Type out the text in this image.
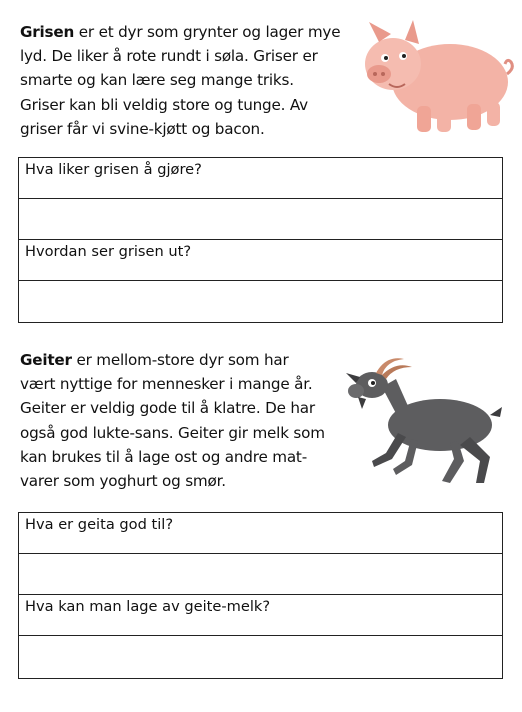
Grisen er et dyr som grynter og lager mye
lyd. De liker å rote rundt i søla. Griser er
smarte og kan lære seg mange triks.
Griser kan bli veldig store og tunge. Av
griser får vi svine-kjøtt og bacon.
Hva liker grisen å gjøre?
Hvordan ser grisen ut?
Geiter er mellom-store dyr som har
vært nyttige for mennesker i mange år.
Geiter er veldig gode til å klatre. De har
også god lukte-sans. Geiter gir melk som
kan brukes til å lage ost og andre mat-
varer som yoghurt og smør.
Hva er geita god til?
Hva kan man lage av geite-melk?
